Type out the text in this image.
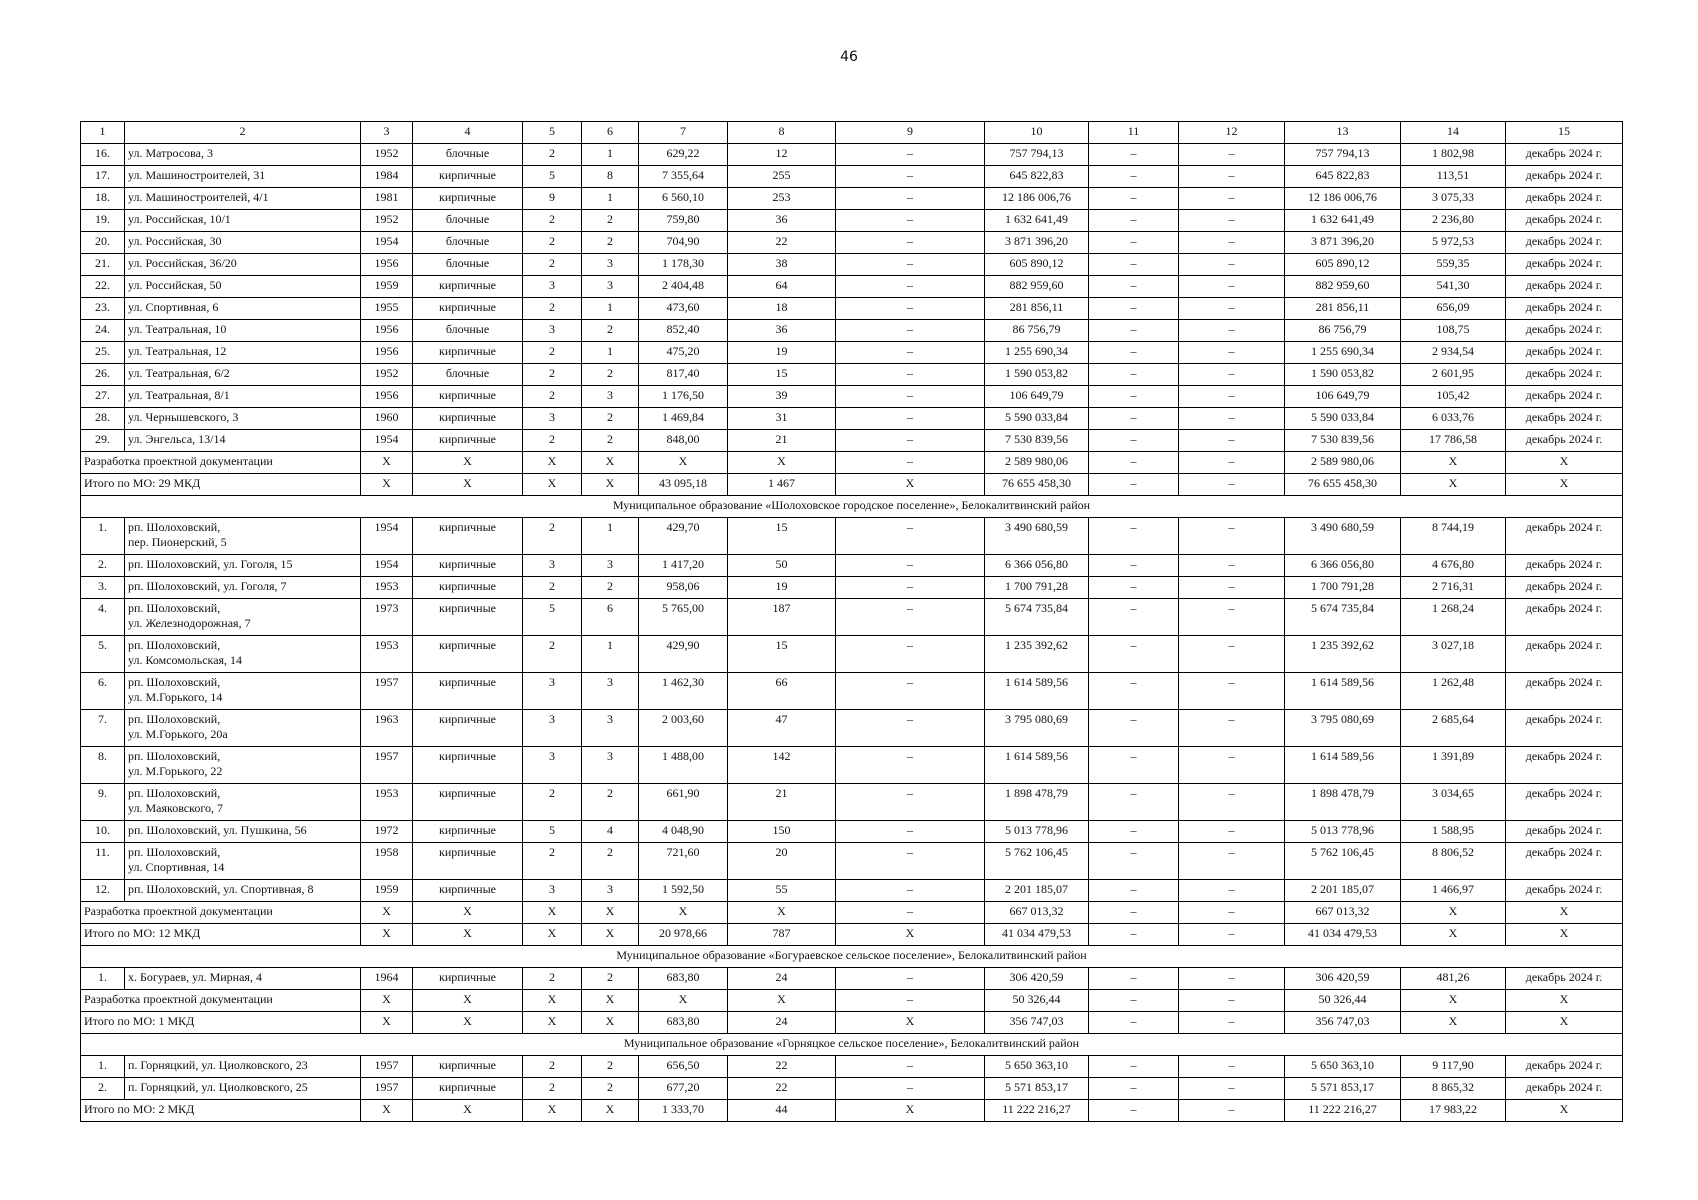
46
1	2	3	4	5	6	7	8	9	10	11	12	13	14	15
16.	ул. Матросова, 3	1952	блочные	2	1	629,22	12	–	757 794,13	–	–	757 794,13	1 802,98	декабрь 2024 г.
17.	ул. Машиностроителей, 31	1984	кирпичные	5	8	7 355,64	255	–	645 822,83	–	–	645 822,83	113,51	декабрь 2024 г.
18.	ул. Машиностроителей, 4/1	1981	кирпичные	9	1	6 560,10	253	–	12 186 006,76	–	–	12 186 006,76	3 075,33	декабрь 2024 г.
19.	ул. Российская, 10/1	1952	блочные	2	2	759,80	36	–	1 632 641,49	–	–	1 632 641,49	2 236,80	декабрь 2024 г.
20.	ул. Российская, 30	1954	блочные	2	2	704,90	22	–	3 871 396,20	–	–	3 871 396,20	5 972,53	декабрь 2024 г.
21.	ул. Российская, 36/20	1956	блочные	2	3	1 178,30	38	–	605 890,12	–	–	605 890,12	559,35	декабрь 2024 г.
22.	ул. Российская, 50	1959	кирпичные	3	3	2 404,48	64	–	882 959,60	–	–	882 959,60	541,30	декабрь 2024 г.
23.	ул. Спортивная, 6	1955	кирпичные	2	1	473,60	18	–	281 856,11	–	–	281 856,11	656,09	декабрь 2024 г.
24.	ул. Театральная, 10	1956	блочные	3	2	852,40	36	–	86 756,79	–	–	86 756,79	108,75	декабрь 2024 г.
25.	ул. Театральная, 12	1956	кирпичные	2	1	475,20	19	–	1 255 690,34	–	–	1 255 690,34	2 934,54	декабрь 2024 г.
26.	ул. Театральная, 6/2	1952	блочные	2	2	817,40	15	–	1 590 053,82	–	–	1 590 053,82	2 601,95	декабрь 2024 г.
27.	ул. Театральная, 8/1	1956	кирпичные	2	3	1 176,50	39	–	106 649,79	–	–	106 649,79	105,42	декабрь 2024 г.
28.	ул. Чернышевского, 3	1960	кирпичные	3	2	1 469,84	31	–	5 590 033,84	–	–	5 590 033,84	6 033,76	декабрь 2024 г.
29.	ул. Энгельса, 13/14	1954	кирпичные	2	2	848,00	21	–	7 530 839,56	–	–	7 530 839,56	17 786,58	декабрь 2024 г.
Разработка проектной документации		X	X	X	X	X	X	–	2 589 980,06	–	–	2 589 980,06	X	X
Итого по МО: 29 МКД		X	X	X	X	43 095,18	1 467	X	76 655 458,30	–	–	76 655 458,30	X	X
Муниципальное образование «Шолоховское городское поселение», Белокалитвинский район														
1.	рп. Шолоховский,
пер. Пионерский, 5	1954	кирпичные	2	1	429,70	15	–	3 490 680,59	–	–	3 490 680,59	8 744,19	декабрь 2024 г.
2.	рп. Шолоховский, ул. Гоголя, 15	1954	кирпичные	3	3	1 417,20	50	–	6 366 056,80	–	–	6 366 056,80	4 676,80	декабрь 2024 г.
3.	рп. Шолоховский, ул. Гоголя, 7	1953	кирпичные	2	2	958,06	19	–	1 700 791,28	–	–	1 700 791,28	2 716,31	декабрь 2024 г.
4.	рп. Шолоховский,
ул. Железнодорожная, 7	1973	кирпичные	5	6	5 765,00	187	–	5 674 735,84	–	–	5 674 735,84	1 268,24	декабрь 2024 г.
5.	рп. Шолоховский,
ул. Комсомольская, 14	1953	кирпичные	2	1	429,90	15	–	1 235 392,62	–	–	1 235 392,62	3 027,18	декабрь 2024 г.
6.	рп. Шолоховский,
ул. М.Горького, 14	1957	кирпичные	3	3	1 462,30	66	–	1 614 589,56	–	–	1 614 589,56	1 262,48	декабрь 2024 г.
7.	рп. Шолоховский,
ул. М.Горького, 20а	1963	кирпичные	3	3	2 003,60	47	–	3 795 080,69	–	–	3 795 080,69	2 685,64	декабрь 2024 г.
8.	рп. Шолоховский,
ул. М.Горького, 22	1957	кирпичные	3	3	1 488,00	142	–	1 614 589,56	–	–	1 614 589,56	1 391,89	декабрь 2024 г.
9.	рп. Шолоховский,
ул. Маяковского, 7	1953	кирпичные	2	2	661,90	21	–	1 898 478,79	–	–	1 898 478,79	3 034,65	декабрь 2024 г.
10.	рп. Шолоховский, ул. Пушкина, 56	1972	кирпичные	5	4	4 048,90	150	–	5 013 778,96	–	–	5 013 778,96	1 588,95	декабрь 2024 г.
11.	рп. Шолоховский,
ул. Спортивная, 14	1958	кирпичные	2	2	721,60	20	–	5 762 106,45	–	–	5 762 106,45	8 806,52	декабрь 2024 г.
12.	рп. Шолоховский, ул. Спортивная, 8	1959	кирпичные	3	3	1 592,50	55	–	2 201 185,07	–	–	2 201 185,07	1 466,97	декабрь 2024 г.
Разработка проектной документации		X	X	X	X	X	X	–	667 013,32	–	–	667 013,32	X	X
Итого по МО: 12 МКД		X	X	X	X	20 978,66	787	X	41 034 479,53	–	–	41 034 479,53	X	X
Муниципальное образование «Богураевское сельское поселение», Белокалитвинский район														
1.	х. Богураев, ул. Мирная, 4	1964	кирпичные	2	2	683,80	24	–	306 420,59	–	–	306 420,59	481,26	декабрь 2024 г.
Разработка проектной документации		X	X	X	X	X	X	–	50 326,44	–	–	50 326,44	X	X
Итого по МО: 1 МКД		X	X	X	X	683,80	24	X	356 747,03	–	–	356 747,03	X	X
Муниципальное образование «Горняцкое сельское поселение», Белокалитвинский район														
1.	п. Горняцкий, ул. Циолковского, 23	1957	кирпичные	2	2	656,50	22	–	5 650 363,10	–	–	5 650 363,10	9 117,90	декабрь 2024 г.
2.	п. Горняцкий, ул. Циолковского, 25	1957	кирпичные	2	2	677,20	22	–	5 571 853,17	–	–	5 571 853,17	8 865,32	декабрь 2024 г.
Итого по МО: 2 МКД		X	X	X	X	1 333,70	44	X	11 222 216,27	–	–	11 222 216,27	17 983,22	X
